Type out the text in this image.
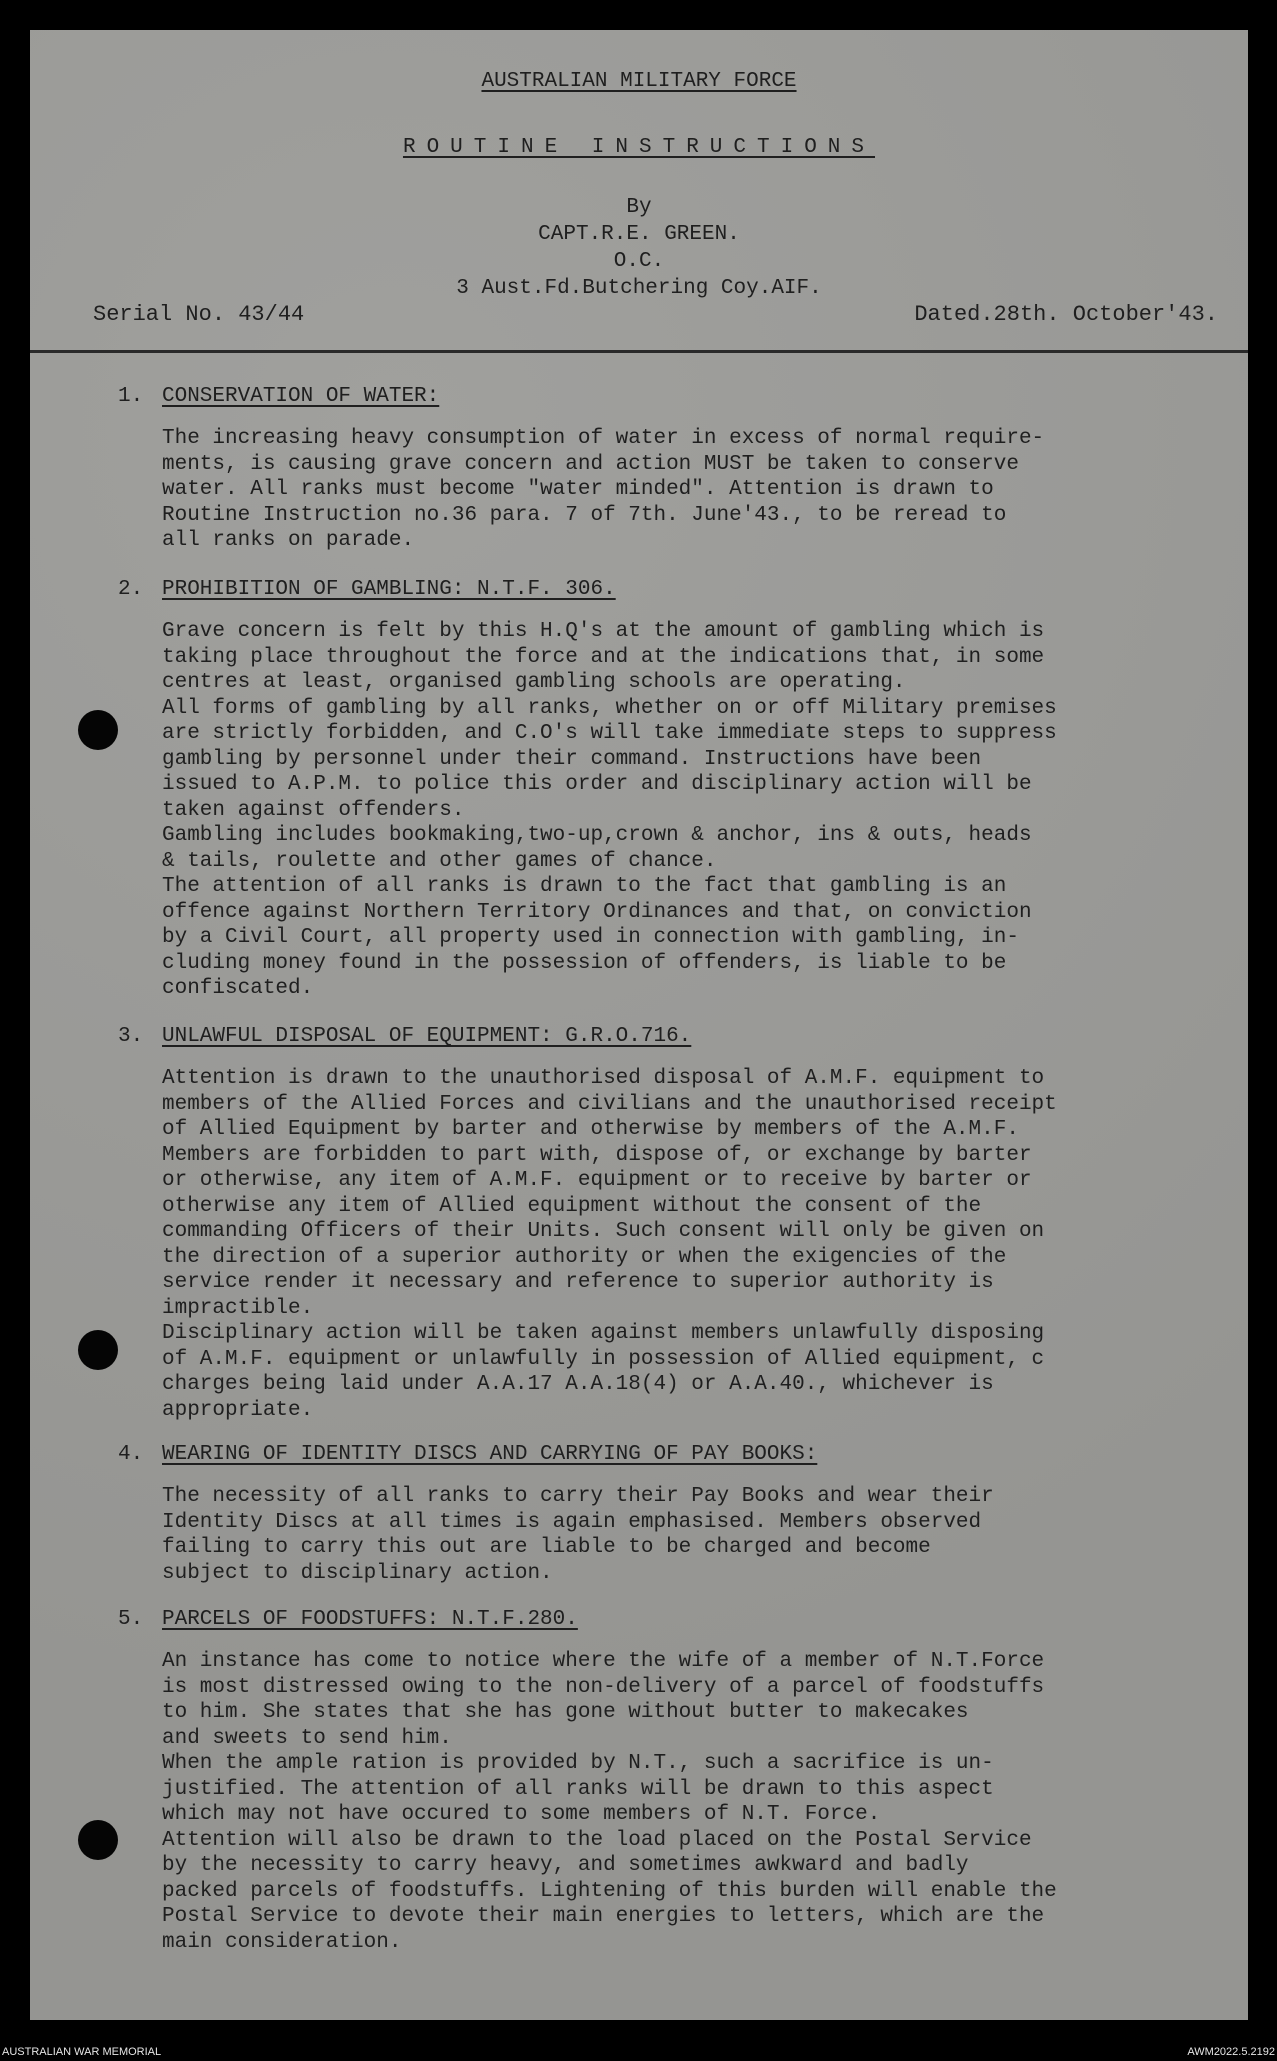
AUSTRALIAN MILITARY FORCE
ROUTINE INSTRUCTIONS
By
CAPT.R.E. GREEN.
O.C.
3 Aust.Fd.Butchering Coy.AIF.
Serial No. 43/44	Dated.28th. October'43.
1. CONSERVATION OF WATER:
The increasing heavy consumption of water in excess of normal require-
ments, is causing grave concern and action MUST be taken to conserve
water. All ranks must become "water minded". Attention is drawn to
Routine Instruction no.36 para. 7 of 7th. June'43., to be reread to
all ranks on parade.
2. PROHIBITION OF GAMBLING: N.T.F. 306.
Grave concern is felt by this H.Q's at the amount of gambling which is
taking place throughout the force and at the indications that, in some
centres at least, organised gambling schools are operating.
All forms of gambling by all ranks, whether on or off Military premises
are strictly forbidden, and C.O's will take immediate steps to suppress
gambling by personnel under their command. Instructions have been
issued to A.P.M. to police this order and disciplinary action will be
taken against offenders.
Gambling includes bookmaking,two-up,crown & anchor, ins & outs, heads
& tails, roulette and other games of chance.
The attention of all ranks is drawn to the fact that gambling is an
offence against Northern Territory Ordinances and that, on conviction
by a Civil Court, all property used in connection with gambling, in-
cluding money found in the possession of offenders, is liable to be
confiscated.
3. UNLAWFUL DISPOSAL OF EQUIPMENT: G.R.O.716.
Attention is drawn to the unauthorised disposal of A.M.F. equipment to
members of the Allied Forces and civilians and the unauthorised receipt
of Allied Equipment by barter and otherwise by members of the A.M.F.
Members are forbidden to part with, dispose of, or exchange by barter
or otherwise, any item of A.M.F. equipment or to receive by barter or
otherwise any item of Allied equipment without the consent of the
commanding Officers of their Units. Such consent will only be given on
the direction of a superior authority or when the exigencies of the
service render it necessary and reference to superior authority is
impractible.
Disciplinary action will be taken against members unlawfully disposing
of A.M.F. equipment or unlawfully in possession of Allied equipment, c
charges being laid under A.A.17 A.A.18(4) or A.A.40., whichever is
appropriate.
4. WEARING OF IDENTITY DISCS AND CARRYING OF PAY BOOKS:
The necessity of all ranks to carry their Pay Books and wear their
Identity Discs at all times is again emphasised. Members observed
failing to carry this out are liable to be charged and become
subject to disciplinary action.
5. PARCELS OF FOODSTUFFS: N.T.F.280.
An instance has come to notice where the wife of a member of N.T.Force
is most distressed owing to the non-delivery of a parcel of foodstuffs
to him. She states that she has gone without butter to makecakes
and sweets to send him.
When the ample ration is provided by N.T., such a sacrifice is un-
justified. The attention of all ranks will be drawn to this aspect
which may not have occured to some members of N.T. Force.
Attention will also be drawn to the load placed on the Postal Service
by the necessity to carry heavy, and sometimes awkward and badly
packed parcels of foodstuffs. Lightening of this burden will enable the
Postal Service to devote their main energies to letters, which are the
main consideration.
AUSTRALIAN WAR MEMORIAL	AWM2022.5.2192
